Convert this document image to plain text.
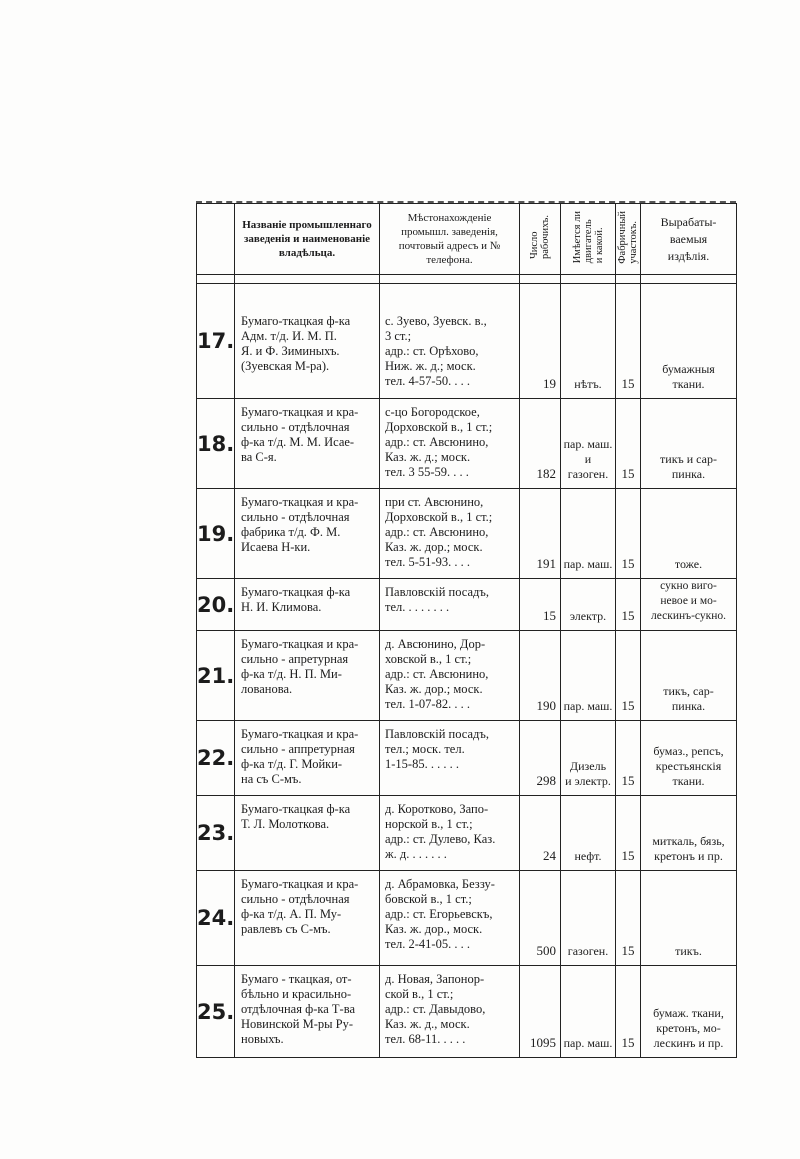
	Названіе промышленнаго заведенія и наименованіе владѣльца.	Мѣстонахожденіе промышл. заведенія, почтовый адресъ и № телефона.	Число
рабочихъ.	Имѣется ли
двигатель
и какой.	Фабричный
участокъ.	Вырабаты-
ваемыя
издѣлія.

17.	Бумаго-ткацкая ф-ка
Адм. т/д. И. М. П.
Я. и Ф. Зиминыхъ.
(Зуевская М-ра).	с. Зуево, Зуевск. в.,
3 ст.;
адр.: ст. Орѣхово,
Ниж. ж. д.; моск.
тел. 4-57-50. . . .	19	нѣтъ.	15	бумажныя
ткани.
18.	Бумаго-ткацкая и кра-
сильно - отдѣлочная
ф-ка т/д. М. М. Исае-
ва С-я.	с-цо Богородское,
Дорховской в., 1 ст.;
адр.: ст. Авсюнино,
Каз. ж. д.; моск.
тел. 3 55-59. . . .	182	пар. маш.
и
газоген.	15	тикъ и сар-
пинка.
19.	Бумаго-ткацкая и кра-
сильно - отдѣлочная
фабрика т/д. Ф. М.
Исаева Н-ки.	при ст. Авсюнино,
Дорховской в., 1 ст.;
адр.: ст. Авсюнино,
Каз. ж. дор.; моск.
тел. 5-51-93. . . .	191	пар. маш.	15	тоже.
20.	Бумаго-ткацкая ф-ка
Н. И. Климова.	Павловскій посадъ,
тел. . . . . . . .	15	электр.	15	сукно виго-
невое и мо-
лескинъ-сукно.
21.	Бумаго-ткацкая и кра-
сильно - апретурная
ф-ка т/д. Н. П. Ми-
лованова.	д. Авсюнино, Дор-
ховской в., 1 ст.;
адр.: ст. Авсюнино,
Каз. ж. дор.; моск.
тел. 1-07-82. . . .	190	пар. маш.	15	тикъ, сар-
пинка.
22.	Бумаго-ткацкая и кра-
сильно - аппретурная
ф-ка т/д. Г. Мойки-
на съ С-мъ.	Павловскій посадъ,
тел.; моск. тел.
1-15-85. . . . . .	298	Дизель
и электр.	15	бумаз., репсъ,
крестьянскія
ткани.
23.	Бумаго-ткацкая ф-ка
Т. Л. Молоткова.	д. Коротково, Запо-
норской в., 1 ст.;
адр.: ст. Дулево, Каз.
ж. д. . . . . . .	24	нефт.	15	миткаль, бязь,
кретонъ и пр.
24.	Бумаго-ткацкая и кра-
сильно - отдѣлочная
ф-ка т/д. А. П. Му-
равлевъ съ С-мъ.	д. Абрамовка, Беззу-
бовской в., 1 ст.;
адр.: ст. Егорьевскъ,
Каз. ж. дор., моск.
тел. 2-41-05. . . .	500	газоген.	15	тикъ.
25.	Бумаго - ткацкая, от-
бѣльно и красильно-
отдѣлочная ф-ка Т-ва
Новинской М-ры Ру-
новыхъ.	д. Новая, Запонор-
ской в., 1 ст.;
адр.: ст. Давыдово,
Каз. ж. д., моск.
тел. 68-11. . . . .	1095	пар. маш.	15	бумаж. ткани,
кретонъ, мо-
лескинъ и пр.
